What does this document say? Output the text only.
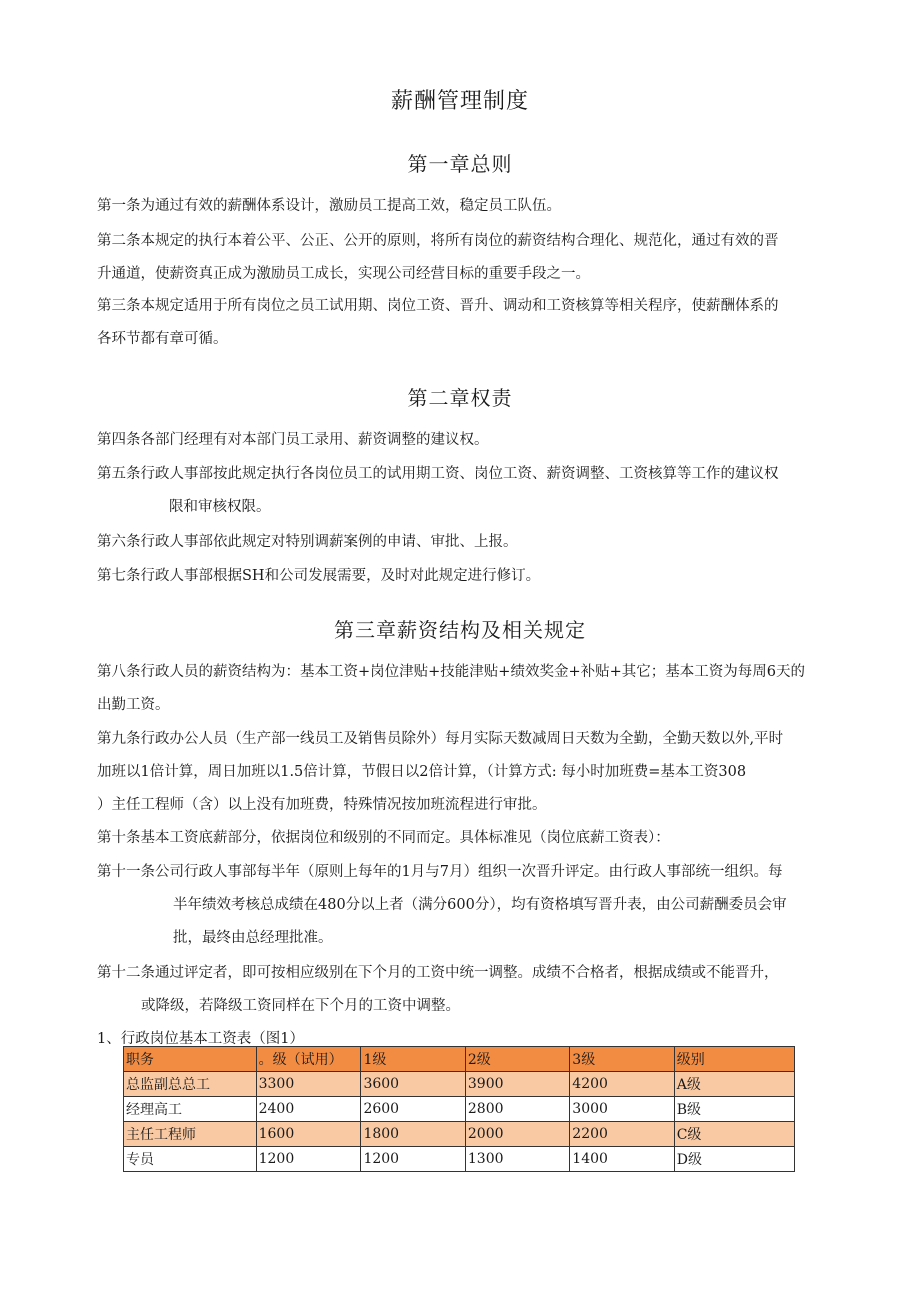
薪酬管理制度
第一章总则
第一条为通过有效的薪酬体系设计，激励员工提高工效，稳定员工队伍。
第二条本规定的执行本着公平、公正、公开的原则，将所有岗位的薪资结构合理化、规范化，通过有效的晋
升通道，使薪资真正成为激励员工成长，实现公司经营目标的重要手段之一。
第三条本规定适用于所有岗位之员工试用期、岗位工资、晋升、调动和工资核算等相关程序，使薪酬体系的
各环节都有章可循。
第二章权责
第四条各部门经理有对本部门员工录用、薪资调整的建议权。
第五条行政人事部按此规定执行各岗位员工的试用期工资、岗位工资、薪资调整、工资核算等工作的建议权
限和审核权限。
第六条行政人事部依此规定对特别调薪案例的申请、审批、上报。
第七条行政人事部根据SH和公司发展需要，及时对此规定进行修订。
第三章薪资结构及相关规定
第八条行政人员的薪资结构为：基本工资+岗位津贴+技能津贴+绩效奖金+补贴+其它；基本工资为每周6天的
出勤工资。
第九条行政办公人员（生产部一线员工及销售员除外）每月实际天数减周日天数为全勤，全勤天数以外,平时
加班以1倍计算，周日加班以1.5倍计算，节假日以2倍计算，（计算方式: 每小时加班费=基本工资308
）主任工程师（含）以上没有加班费，特殊情况按加班流程进行审批。
第十条基本工资底薪部分，依据岗位和级别的不同而定。具体标准见（岗位底薪工资表）：
第十一条公司行政人事部每半年（原则上每年的1月与7月）组织一次晋升评定。由行政人事部统一组织。每
半年绩效考核总成绩在480分以上者（满分600分），均有资格填写晋升表，由公司薪酬委员会审
批，最终由总经理批准。
第十二条通过评定者，即可按相应级别在下个月的工资中统一调整。成绩不合格者，根据成绩或不能晋升，
或降级，若降级工资同样在下个月的工资中调整。
1、行政岗位基本工资表（图1）
职务	。级（试用）	1级	2级	3级	级别
总监副总总工	3300	3600	3900	4200	A级
经理高工	2400	2600	2800	3000	B级
主任工程师	1600	1800	2000	2200	C级
专员	1200	1200	1300	1400	D级
